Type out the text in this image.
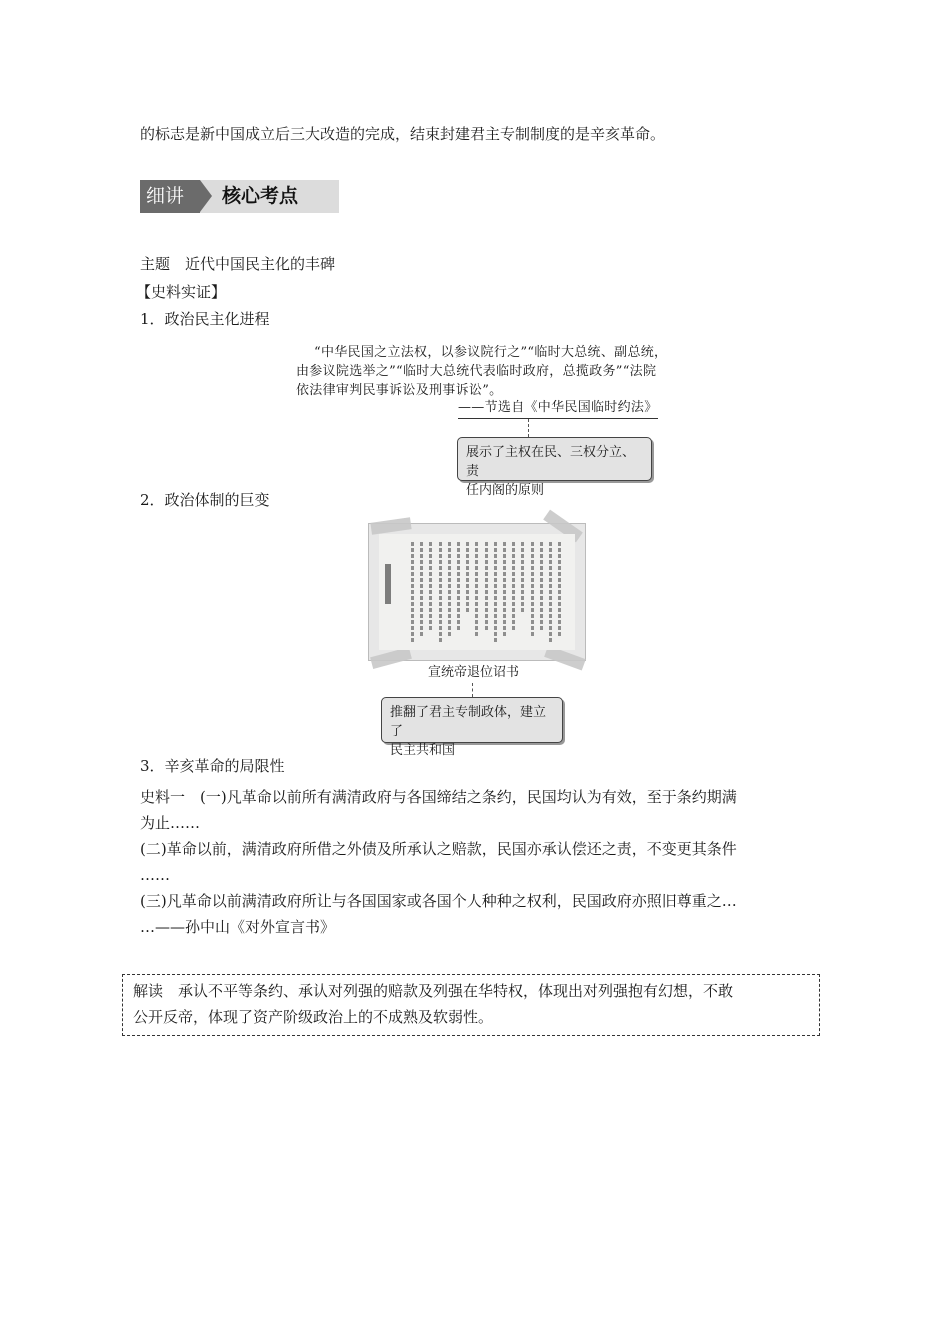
的标志是新中国成立后三大改造的完成，结束封建君主专制制度的是辛亥革命。
细讲	核心考点
主题　近代中国民主化的丰碑
【史料实证】
1．政治民主化进程
“中华民国之立法权，以参议院行之”“临时大总统、副总统，
由参议院选举之”“临时大总统代表临时政府，总揽政务”“法院
依法律审判民事诉讼及刑事诉讼”。
——节选自《中华民国临时约法》
展示了主权在民、三权分立、责
任内阁的原则
2．政治体制的巨变
宣统帝退位诏书
推翻了君主专制政体，建立了
民主共和国
3．辛亥革命的局限性
史料一　(一)凡革命以前所有满清政府与各国缔结之条约，民国均认为有效，至于条约期满
为止……
(二)革命以前，满清政府所借之外债及所承认之赔款，民国亦承认偿还之责，不变更其条件
……
(三)凡革命以前满清政府所让与各国国家或各国个人种种之权利，民国政府亦照旧尊重之…
…——孙中山《对外宣言书》
解读　承认不平等条约、承认对列强的赔款及列强在华特权，体现出对列强抱有幻想，不敢
公开反帝，体现了资产阶级政治上的不成熟及软弱性。
